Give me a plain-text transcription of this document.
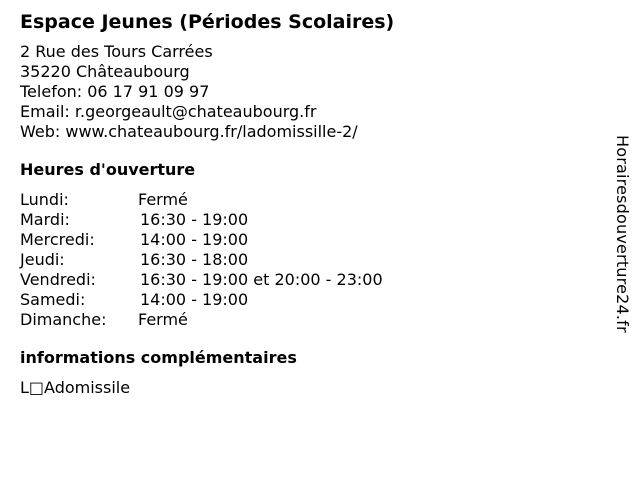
Espace Jeunes (Périodes Scolaires)
2 Rue des Tours Carrées
35220 Châteaubourg
Telefon: 06 17 91 09 97
Email: r.georgeault@chateaubourg.fr
Web: www.chateaubourg.fr/ladomissille-2/
Heures d'ouverture
Lundi:	Fermé
Mardi:	16:30 - 19:00
Mercredi:	14:00 - 19:00
Jeudi:	16:30 - 18:00
Vendredi:	16:30 - 19:00 et 20:00 - 23:00
Samedi:	14:00 - 19:00
Dimanche:	Fermé
informations complémentaires
L□Adomissile
Horairesdouverture24.fr
